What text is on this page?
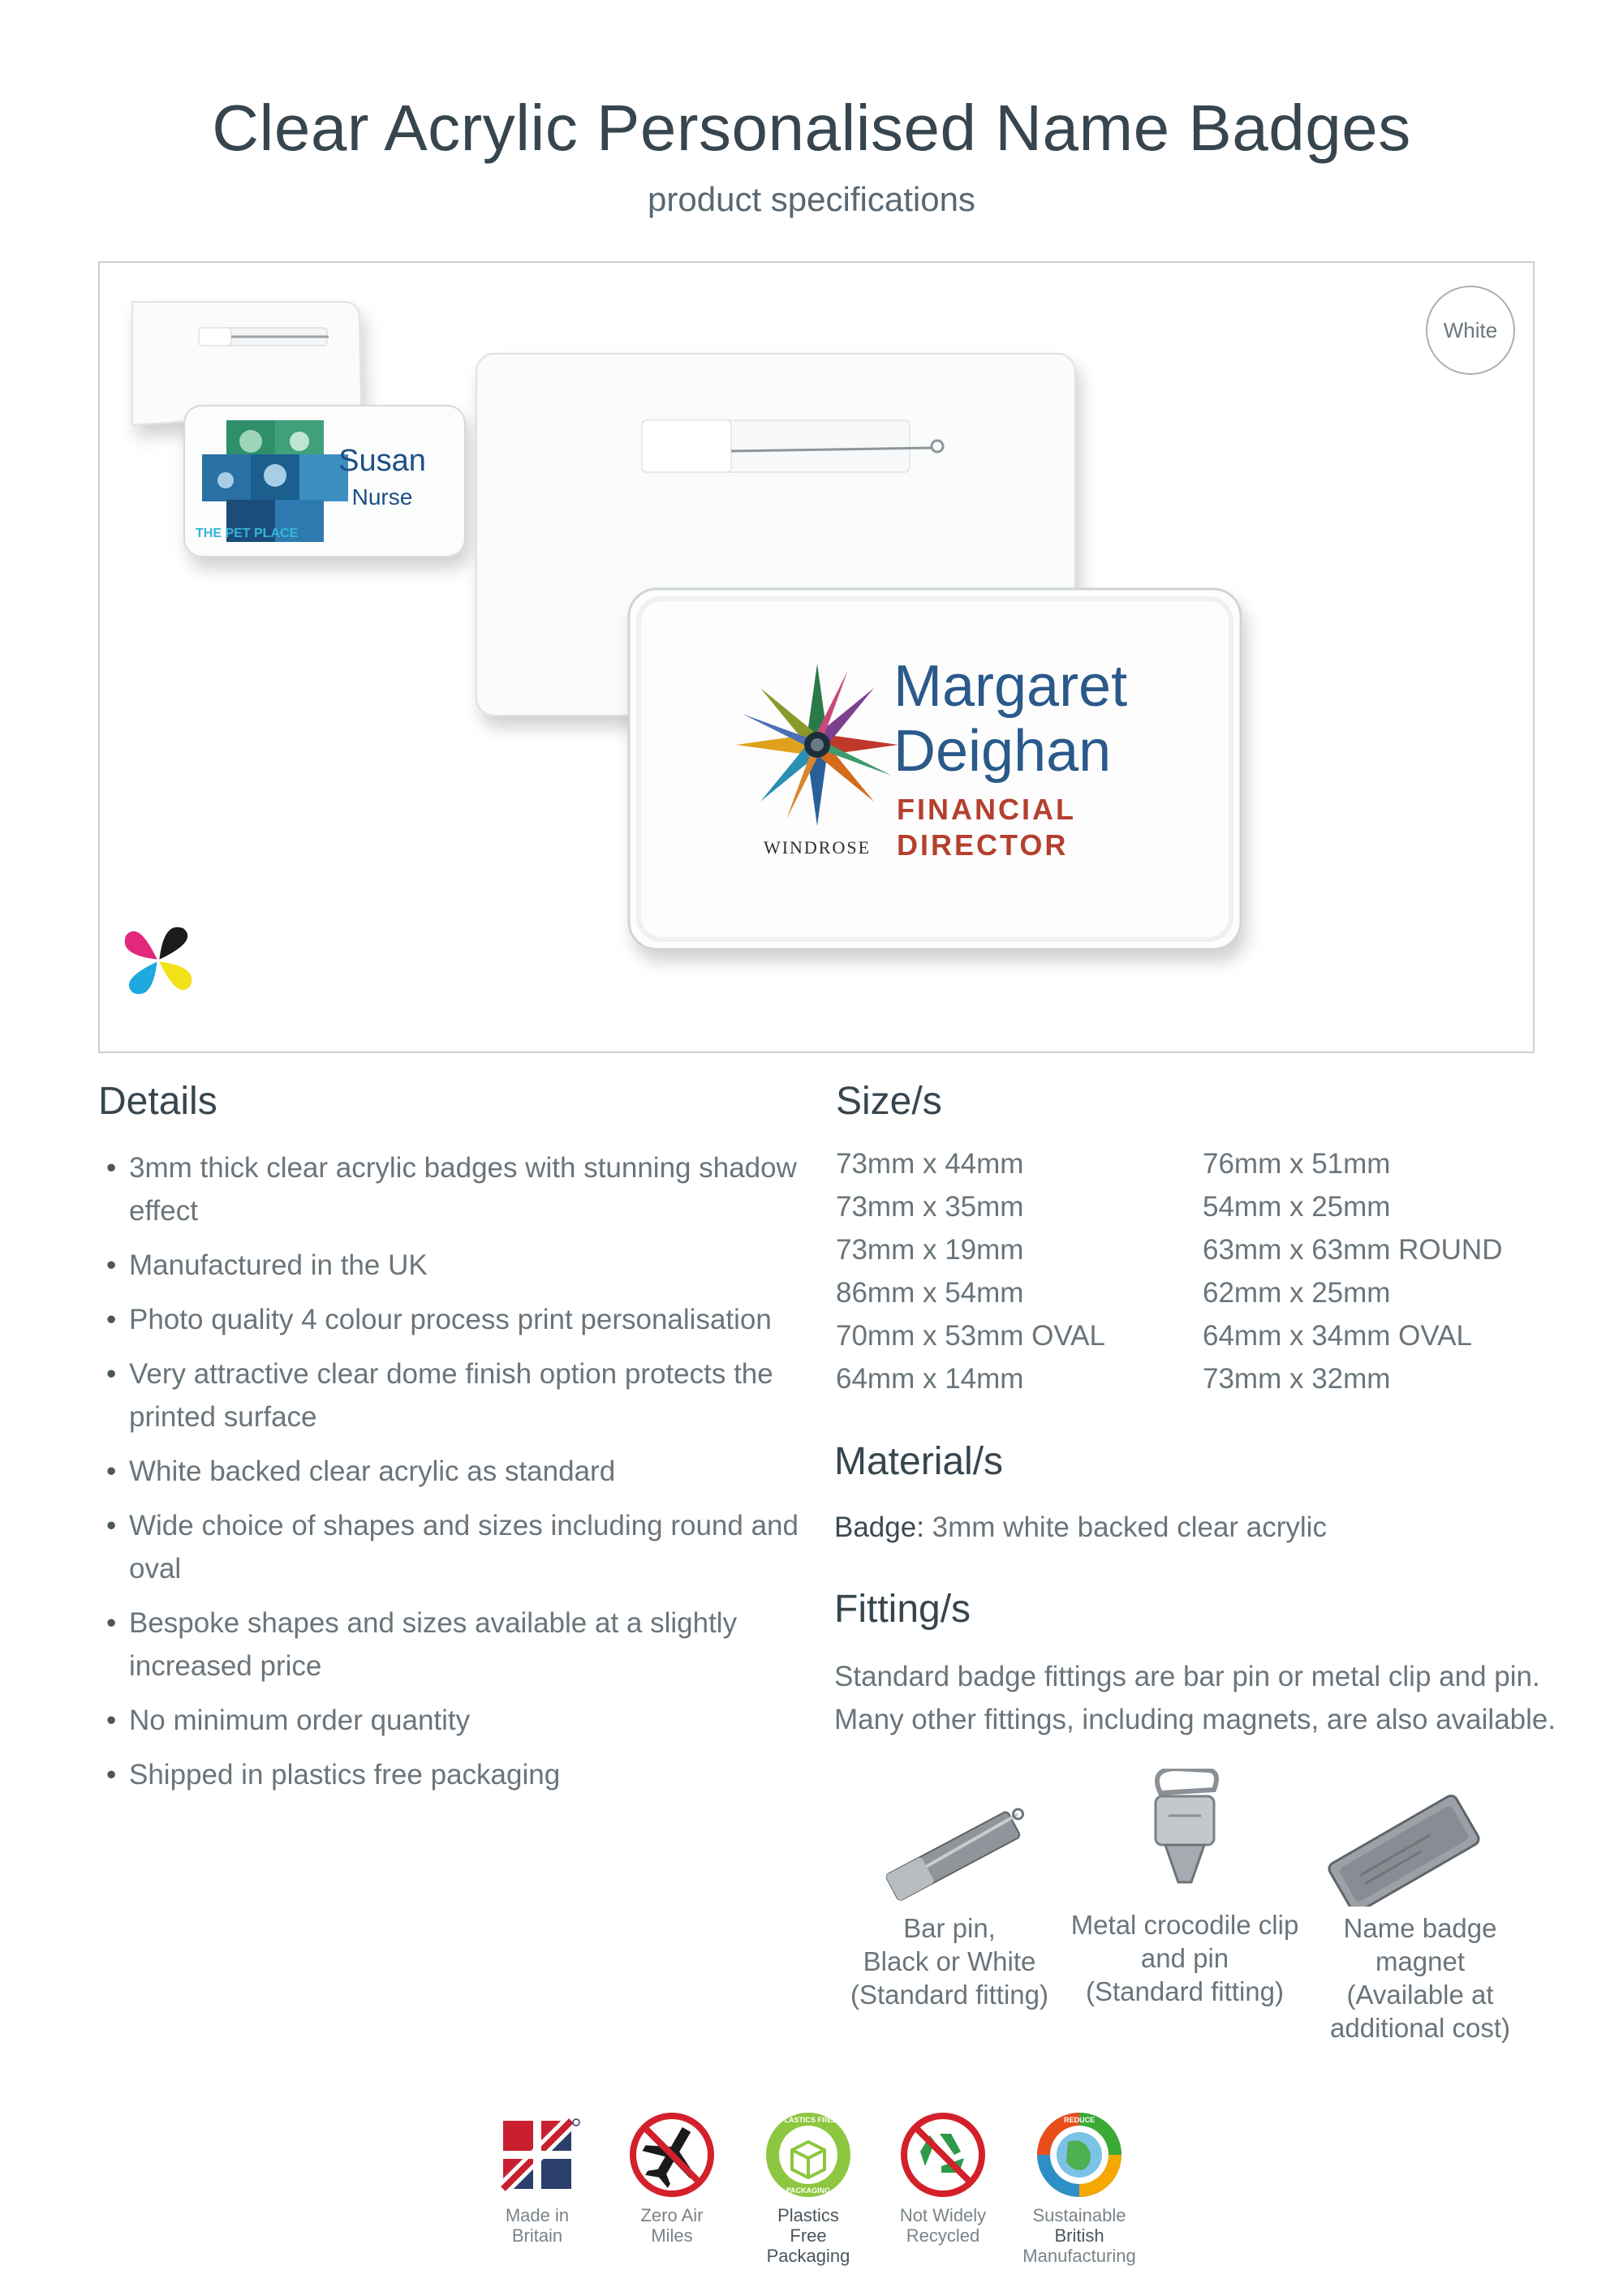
Clear Acrylic Personalised Name Badges
product specifications
White
THE PET PLACE
Susan
Nurse
WINDROSE
Margaret
Deighan
FINANCIAL
DIRECTOR
Details
• 3mm thick clear acrylic badges with stunning shadow
effect
• Manufactured in the UK
• Photo quality 4 colour process print personalisation
• Very attractive clear dome finish option protects the
printed surface
• White backed clear acrylic as standard
• Wide choice of shapes and sizes including round and
oval
• Bespoke shapes and sizes available at a slightly
increased price
• No minimum order quantity
• Shipped in plastics free packaging
Size/s
73mm x 44mm
73mm x 35mm
73mm x 19mm
86mm x 54mm
70mm x 53mm OVAL
64mm x 14mm
76mm x 51mm
54mm x 25mm
63mm x 63mm ROUND
62mm x 25mm
64mm x 34mm OVAL
73mm x 32mm
Material/s
Badge: 3mm white backed clear acrylic
Fitting/s
Standard badge fittings are bar pin or metal clip and pin.
Many other fittings, including magnets, are also available.
Bar pin,
Black or White
(Standard fitting)
Metal crocodile clip
and pin
(Standard fitting)
Name badge
magnet
(Available at
additional cost)
PLASTICS FREE
PACKAGING
REDUCE
Made in
Britain
Zero Air
Miles
Plastics
Free
Packaging
Not Widely
Recycled
Sustainable
British
Manufacturing
